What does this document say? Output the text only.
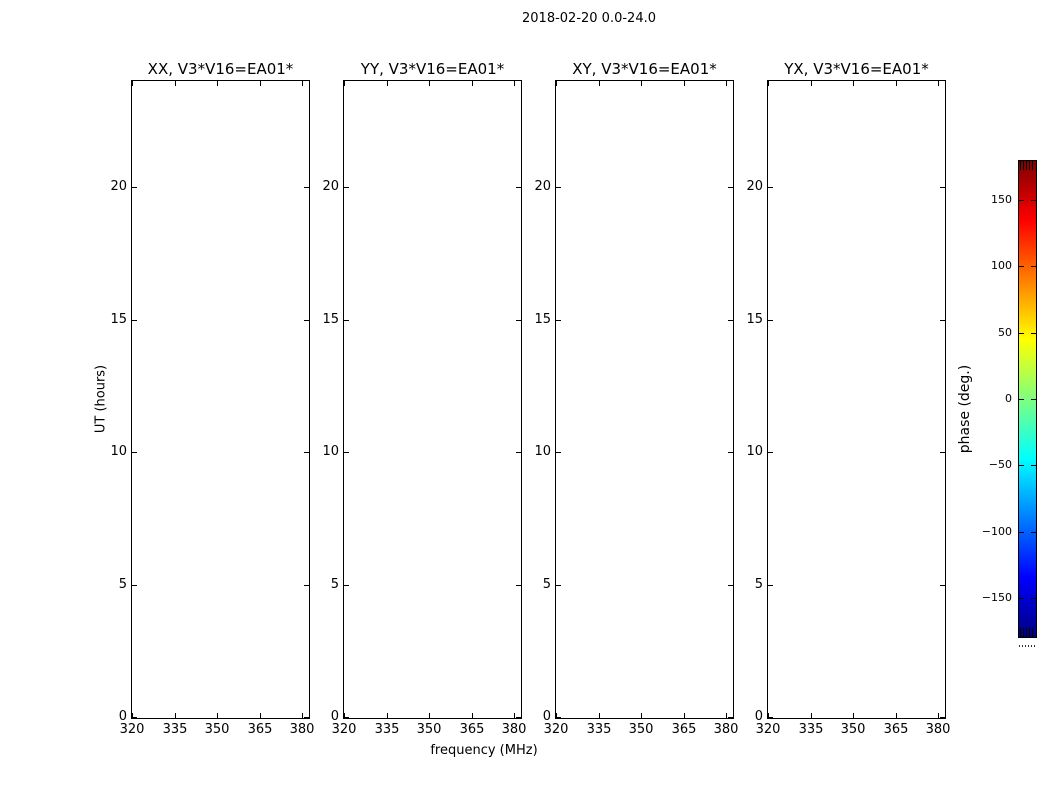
2018-02-20 0.0-24.0
UT (hours)
frequency (MHz)
phase (deg.)
XX, V3*V16=EA01*
320 335 350 365 380
0
5
10
15
20
YY, V3*V16=EA01*
320 335 350 365 380
0
5
10
15
20
XY, V3*V16=EA01*
320 335 350 365 380
0
5
10
15
20
YX, V3*V16=EA01*
320 335 350 365 380
0
5
10
15
20
150
100
50
0
−50
−100
−150
